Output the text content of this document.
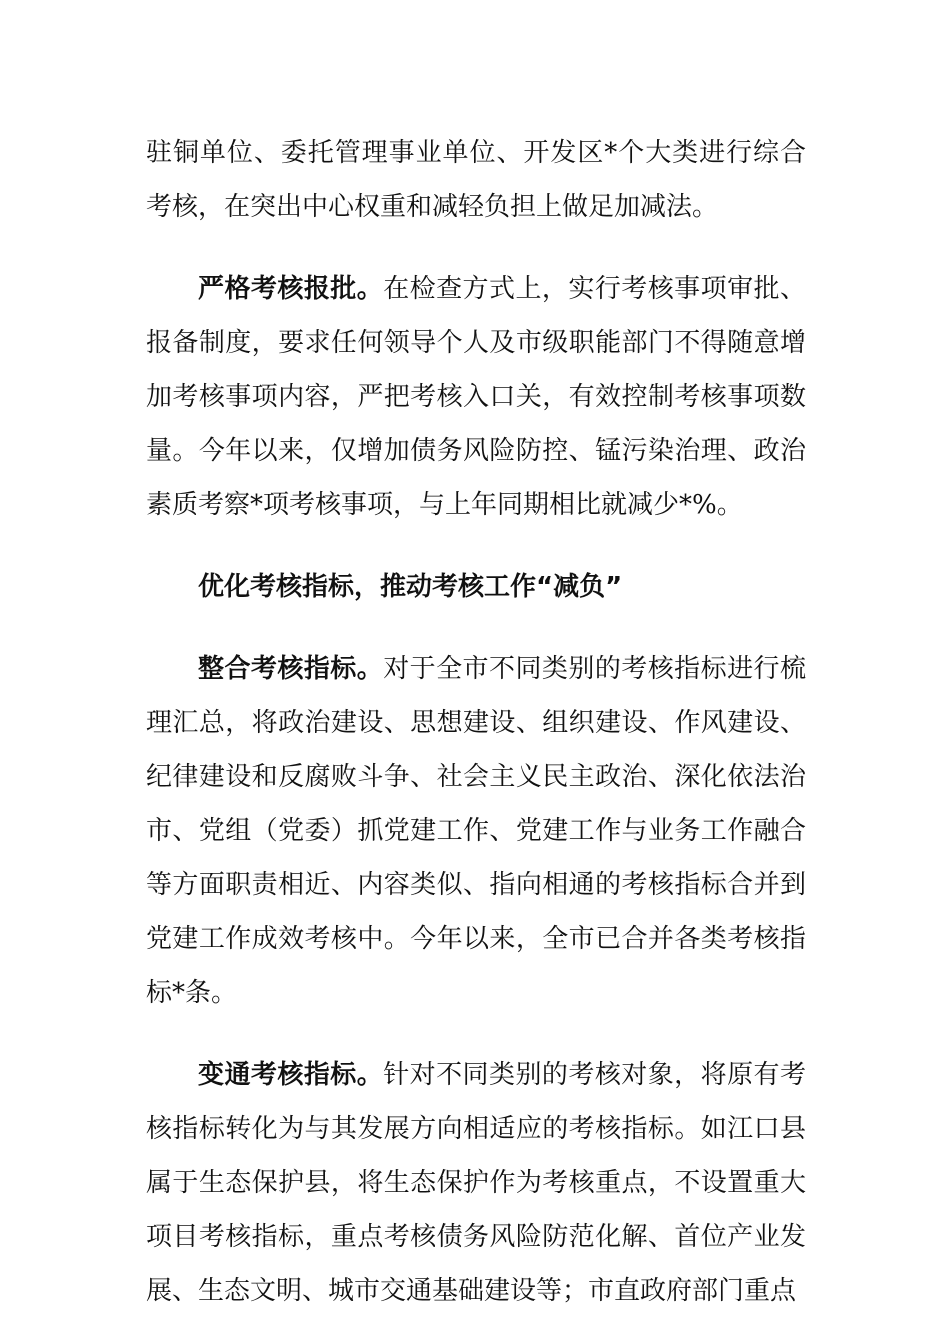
驻铜单位、委托管理事业单位、开发区*个大类进行综合考核，在突出中心权重和减轻负担上做足加减法。

严格考核报批。在检查方式上，实行考核事项审批、报备制度，要求任何领导个人及市级职能部门不得随意增加考核事项内容，严把考核入口关，有效控制考核事项数量。今年以来，仅增加债务风险防控、锰污染治理、政治素质考察*项考核事项，与上年同期相比就减少*%。

优化考核指标，推动考核工作“减负”

整合考核指标。对于全市不同类别的考核指标进行梳理汇总，将政治建设、思想建设、组织建设、作风建设、纪律建设和反腐败斗争、社会主义民主政治、深化依法治市、党组（党委）抓党建工作、党建工作与业务工作融合等方面职责相近、内容类似、指向相通的考核指标合并到党建工作成效考核中。今年以来，全市已合并各类考核指标*条。

变通考核指标。针对不同类别的考核对象，将原有考核指标转化为与其发展方向相适应的考核指标。如江口县属于生态保护县，将生态保护作为考核重点，不设置重大项目考核指标，重点考核债务风险防范化解、首位产业发展、生态文明、城市交通基础建设等；市直政府部门重点
